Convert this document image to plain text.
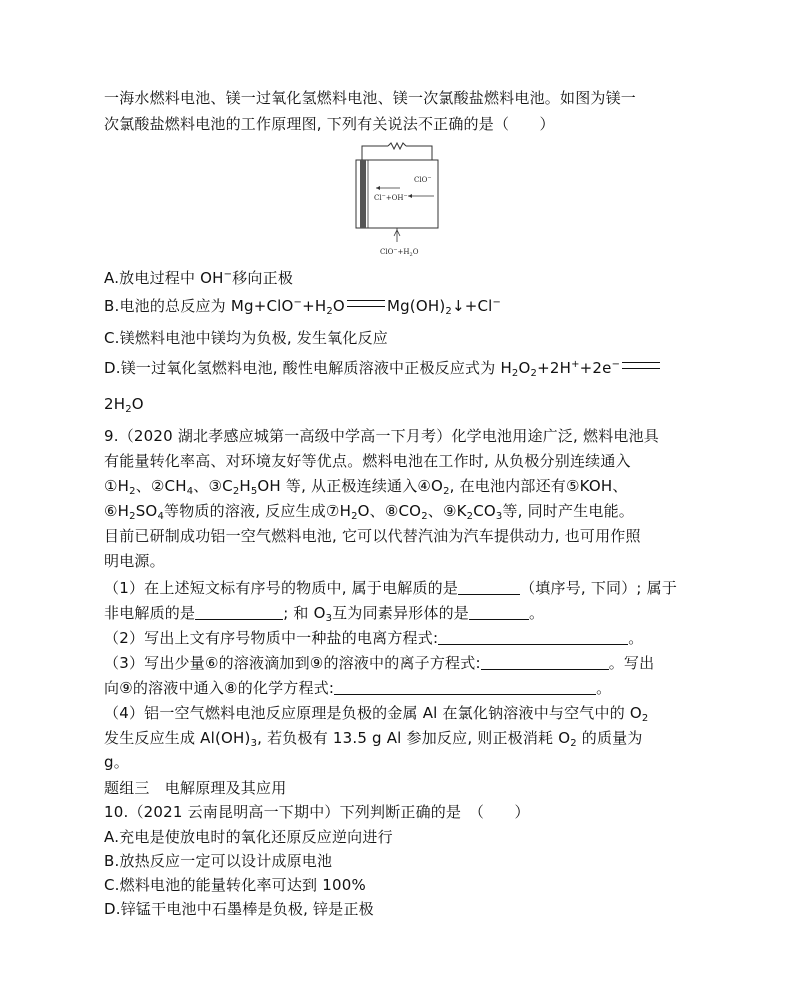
一海水燃料电池、镁一过氧化氢燃料电池、镁一次氯酸盐燃料电池。如图为镁一
次氯酸盐燃料电池的工作原理图, 下列有关说法不正确的是（　　）
ClO−
Cl−+OH−
$ClO^-+H_2O$
A.放电过程中 OH−移向正极
B.电池的总反应为 $Mg+ClO^-+H_2O$	$Mg(OH)_2↓+Cl^-$
C.镁燃料电池中镁均为负极, 发生氧化反应
D.镁一过氧化氢燃料电池, 酸性电解质溶液中正极反应式为 $H_2O_2+2H^++2e^-$
$2H_2O$
9.（2020 湖北孝感应城第一高级中学高一下月考）化学电池用途广泛, 燃料电池具
有能量转化率高、对环境友好等优点。燃料电池在工作时, 从负极分别连续通入
$①H_2$、$②CH_4$、$③C_2H_5OH$ 等, 从正极连续通入$④O_2$, 在电池内部还有⑤KOH、
$⑥H_2SO_4$等物质的溶液, 反应生成$⑦H_2O$、$⑧CO_2$、$⑨K_2CO_3$等, 同时产生电能。
目前已研制成功铝一空气燃料电池, 它可以代替汽油为汽车提供动力, 也可用作照
明电源。
（1）在上述短文标有序号的物质中, 属于电解质的是	（填序号, 下同）; 属于
非电解质的是	; 和 $O_3$互为同素异形体的是	。
（2）写出上文有序号物质中一种盐的电离方程式:	。
（3）写出少量⑥的溶液滴加到⑨的溶液中的离子方程式:	。写出
向⑨的溶液中通入⑧的化学方程式:	。
（4）铝一空气燃料电池反应原理是负极的金属 Al 在氯化钠溶液中与空气中的 $O_2$
发生反应生成 $Al(OH)_3$, 若负极有 13.5 g Al 参加反应, 则正极消耗 $O_2$ 的质量为
g。
题组三　电解原理及其应用
10.（2021 云南昆明高一下期中）下列判断正确的是　（　　）
A.充电是使放电时的氧化还原反应逆向进行
B.放热反应一定可以设计成原电池
C.燃料电池的能量转化率可达到 100%
D.锌锰干电池中石墨棒是负极, 锌是正极
